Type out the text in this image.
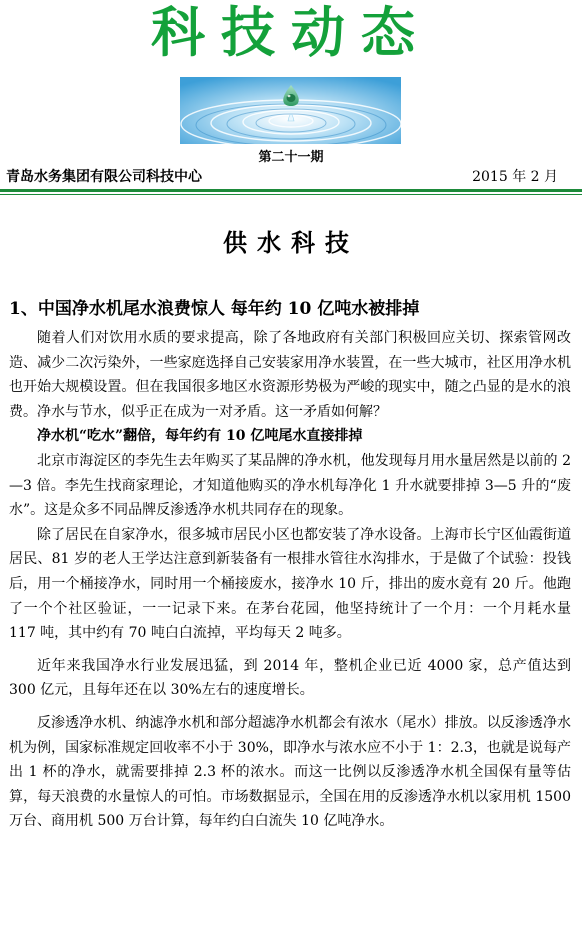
科技动态
第二十一期
青岛水务集团有限公司科技中心	2015 年 2 月
供水科技
1、中国净水机尾水浪费惊人 每年约 10 亿吨水被排掉

随着人们对饮用水质的要求提高，除了各地政府有关部门积极回应关切、探索管网改造、减少二次污染外，一些家庭选择自己安装家用净水装置，在一些大城市，社区用净水机也开始大规模设置。但在我国很多地区水资源形势极为严峻的现实中，随之凸显的是水的浪费。净水与节水，似乎正在成为一对矛盾。这一矛盾如何解？

净水机“吃水”翻倍，每年约有 10 亿吨尾水直接排掉

北京市海淀区的李先生去年购买了某品牌的净水机，他发现每月用水量居然是以前的 2—3 倍。李先生找商家理论，才知道他购买的净水机每净化 1 升水就要排掉 3—5 升的“废水”。这是众多不同品牌反渗透净水机共同存在的现象。

除了居民在自家净水，很多城市居民小区也都安装了净水设备。上海市长宁区仙霞街道居民、81 岁的老人王学达注意到新装备有一根排水管往水沟排水，于是做了个试验：投钱后，用一个桶接净水，同时用一个桶接废水，接净水 10 斤，排出的废水竟有 20 斤。他跑了一个个社区验证，一一记录下来。在茅台花园，他坚持统计了一个月：一个月耗水量 117 吨，其中约有 70 吨白白流掉，平均每天 2 吨多。

近年来我国净水行业发展迅猛，到 2014 年，整机企业已近 4000 家，总产值达到 300 亿元，且每年还在以 30%左右的速度增长。

反渗透净水机、纳滤净水机和部分超滤净水机都会有浓水（尾水）排放。以反渗透净水机为例，国家标准规定回收率不小于 30%，即净水与浓水应不小于 1：2.3，也就是说每产出 1 杯的净水，就需要排掉 2.3 杯的浓水。而这一比例以反渗透净水机全国保有量等估算，每天浪费的水量惊人的可怕。市场数据显示，全国在用的反渗透净水机以家用机 1500 万台、商用机 500 万台计算，每年约白白流失 10 亿吨净水。
